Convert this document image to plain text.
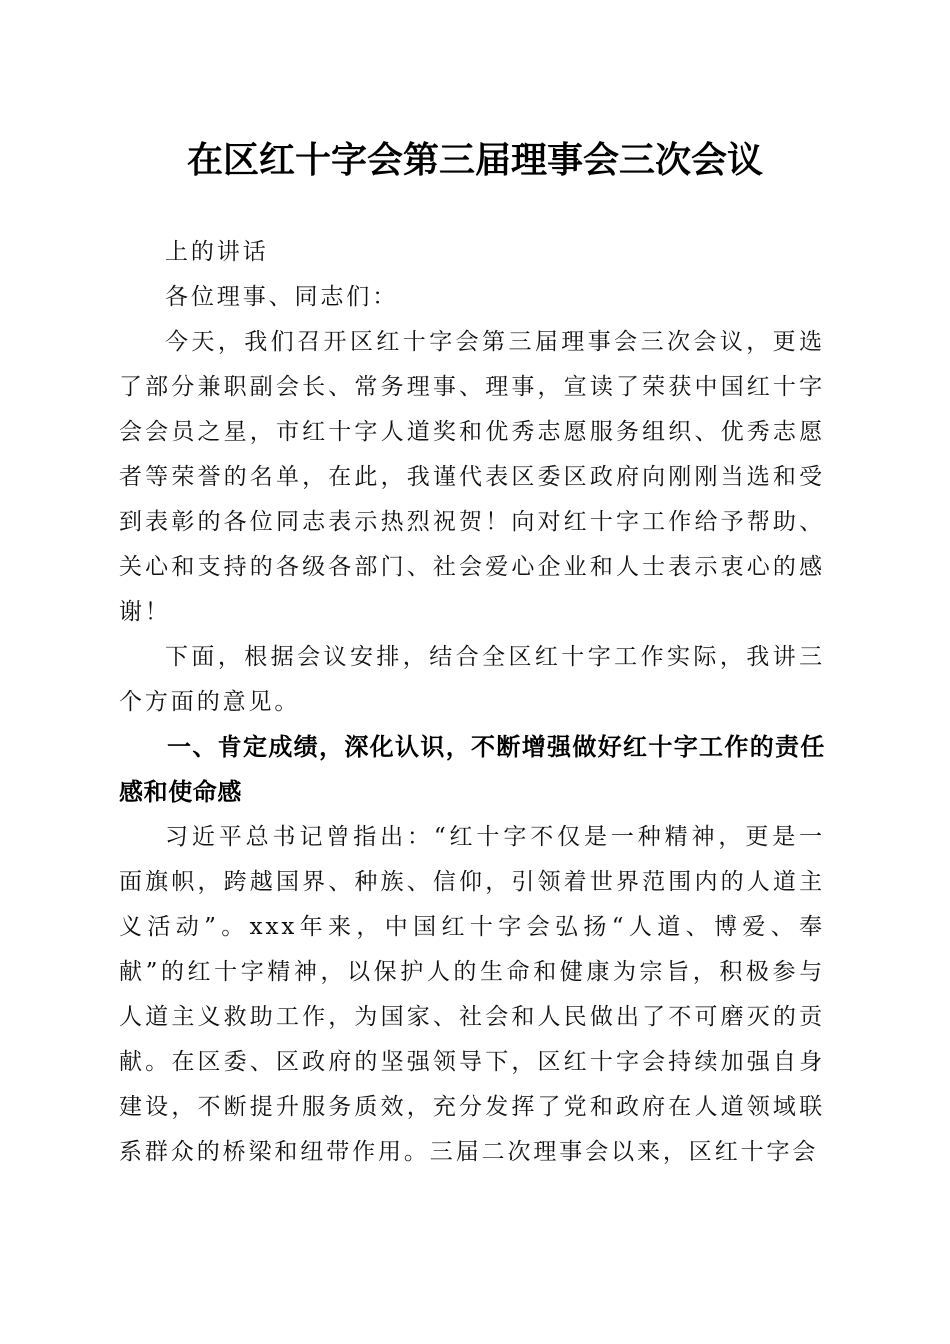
在区红十字会第三届理事会三次会议

上的讲话

各位理事、同志们：

今天，我们召开区红十字会第三届理事会三次会议，更选了部分兼职副会长、常务理事、理事，宣读了荣获中国红十字会会员之星，市红十字人道奖和优秀志愿服务组织、优秀志愿者等荣誉的名单，在此，我谨代表区委区政府向刚刚当选和受到表彰的各位同志表示热烈祝贺！向对红十字工作给予帮助、关心和支持的各级各部门、社会爱心企业和人士表示衷心的感谢！

下面，根据会议安排，结合全区红十字工作实际，我讲三个方面的意见。

一、肯定成绩，深化认识，不断增强做好红十字工作的责任感和使命感

习近平总书记曾指出：“红十字不仅是一种精神，更是一面旗帜，跨越国界、种族、信仰，引领着世界范围内的人道主义活动”。xxx年来，中国红十字会弘扬“人道、博爱、奉献”的红十字精神，以保护人的生命和健康为宗旨，积极参与人道主义救助工作，为国家、社会和人民做出了不可磨灭的贡献。在区委、区政府的坚强领导下，区红十字会持续加强自身建设，不断提升服务质效，充分发挥了党和政府在人道领域联系群众的桥梁和纽带作用。三届二次理事会以来，区红十字会
